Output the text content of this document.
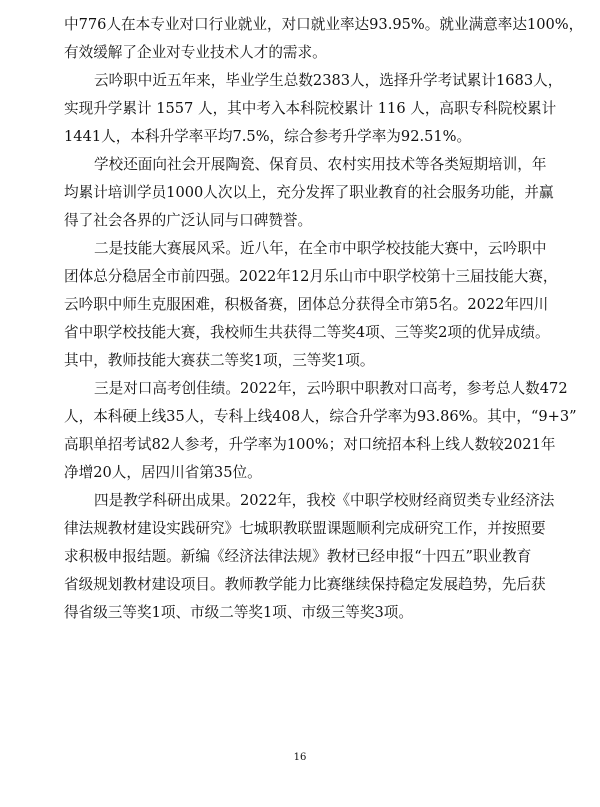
中776人在本专业对口行业就业，对口就业率达93.95%。就业满意率达100%，
有效缓解了企业对专业技术人才的需求。
云吟职中近五年来，毕业学生总数2383人，选择升学考试累计1683人，
实现升学累计 1557 人，其中考入本科院校累计 116 人，高职专科院校累计
1441人，本科升学率平均7.5%，综合参考升学率为92.51%。
学校还面向社会开展陶瓷、保育员、农村实用技术等各类短期培训，年
均累计培训学员1000人次以上，充分发挥了职业教育的社会服务功能，并赢
得了社会各界的广泛认同与口碑赞誉。
二是技能大赛展风采。近八年，在全市中职学校技能大赛中，云吟职中
团体总分稳居全市前四强。2022年12月乐山市中职学校第十三届技能大赛，
云吟职中师生克服困难，积极备赛，团体总分获得全市第5名。2022年四川
省中职学校技能大赛，我校师生共获得二等奖4项、三等奖2项的优异成绩。
其中，教师技能大赛获二等奖1项，三等奖1项。
三是对口高考创佳绩。2022年，云吟职中职教对口高考，参考总人数472
人，本科硬上线35人，专科上线408人，综合升学率为93.86%。其中，“9+3”
高职单招考试82人参考，升学率为100%；对口统招本科上线人数较2021年
净增20人，居四川省第35位。
四是教学科研出成果。2022年，我校《中职学校财经商贸类专业经济法
律法规教材建设实践研究》七城职教联盟课题顺利完成研究工作，并按照要
求积极申报结题。新编《经济法律法规》教材已经申报“十四五”职业教育
省级规划教材建设项目。教师教学能力比赛继续保持稳定发展趋势，先后获
得省级三等奖1项、市级二等奖1项、市级三等奖3项。
16
